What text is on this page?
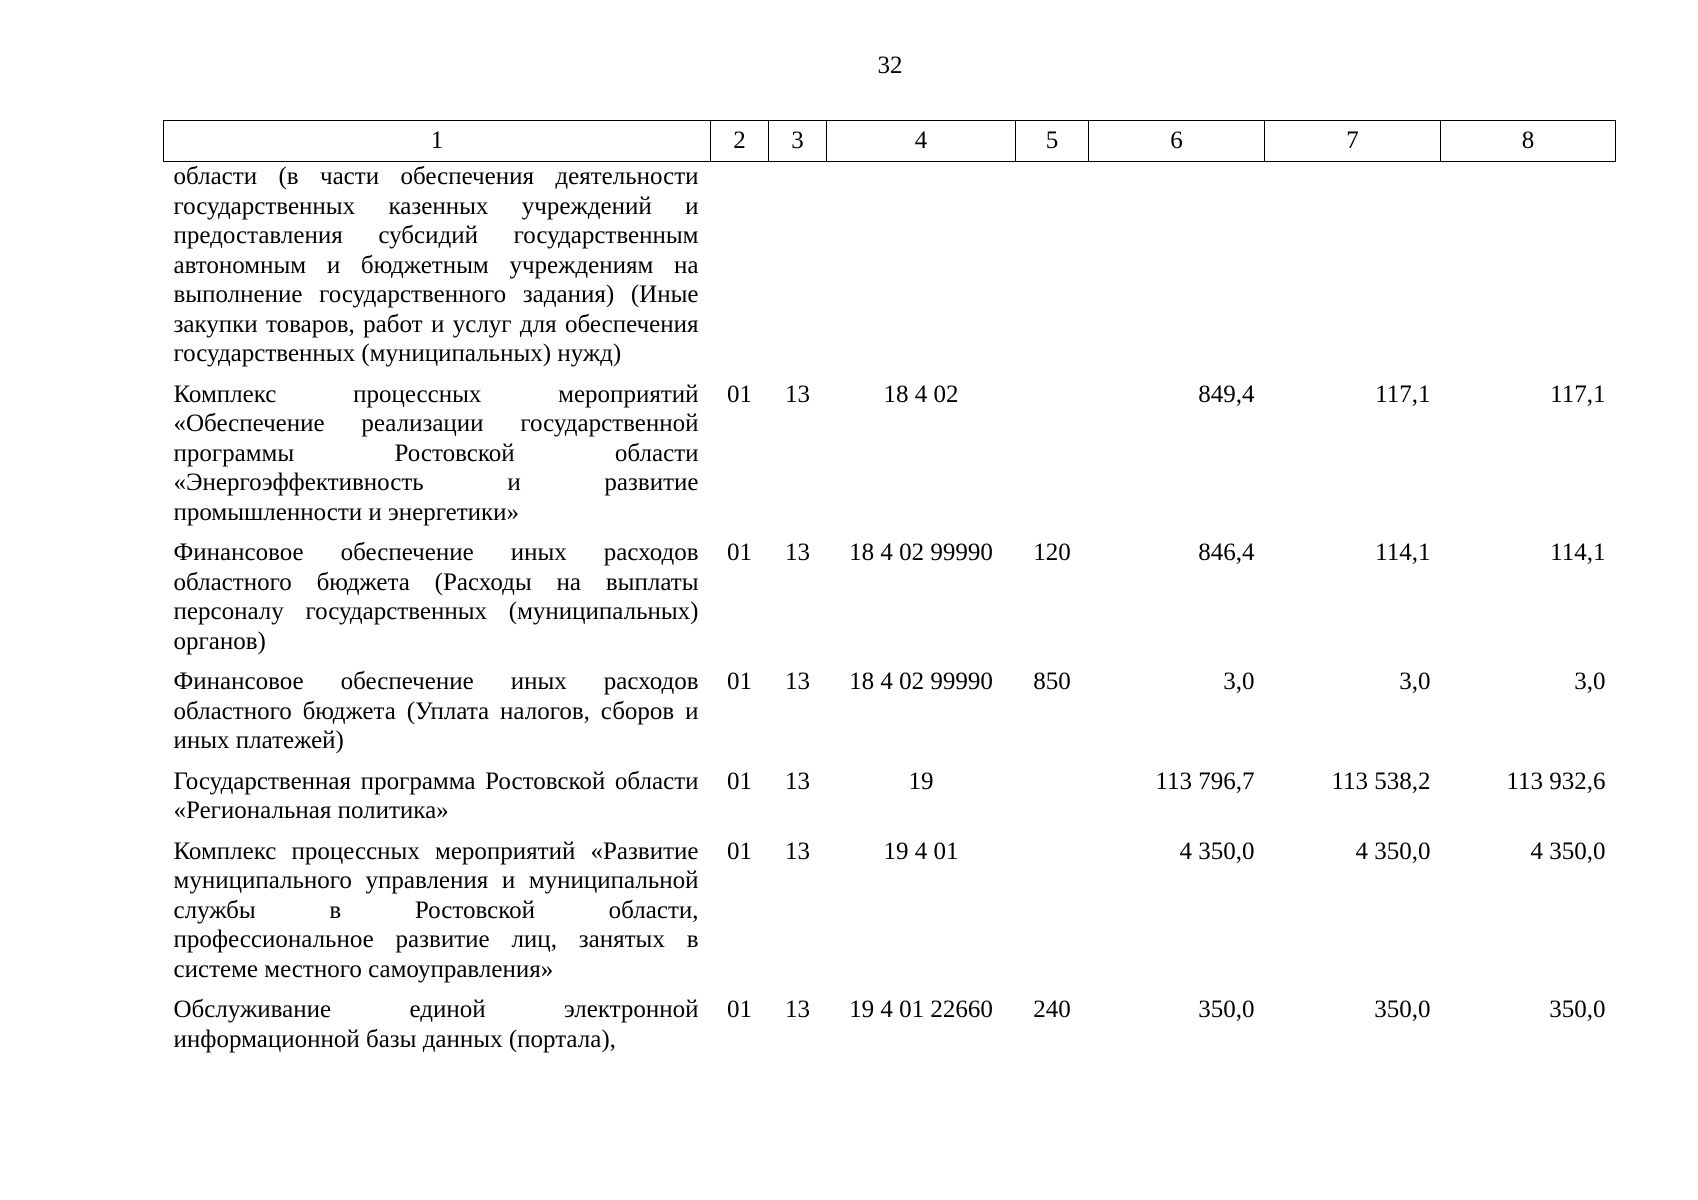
32
1	2	3	4	5	6	7	8
области (в части обеспечения деятельности государственных казенных учреждений и предоставления субсидий государственным автономным и бюджетным учреждениям на выполнение государственного задания) (Иные закупки товаров, работ и услуг для обеспечения государственных (муниципальных) нужд)							
Комплекс процессных мероприятий «Обеспечение реализации государственной программы Ростовской области «Энергоэффективность и развитие промышленности и энергетики»	01	13	18 4 02		849,4	117,1	117,1
Финансовое обеспечение иных расходов областного бюджета (Расходы на выплаты персоналу государственных (муниципальных) органов)	01	13	18 4 02 99990	120	846,4	114,1	114,1
Финансовое обеспечение иных расходов областного бюджета (Уплата налогов, сборов и иных платежей)	01	13	18 4 02 99990	850	3,0	3,0	3,0
Государственная программа Ростовской области «Региональная политика»	01	13	19		113 796,7	113 538,2	113 932,6
Комплекс процессных мероприятий «Развитие муниципального управления и муниципальной службы в Ростовской области, профессиональное развитие лиц, занятых в системе местного самоуправления»	01	13	19 4 01		4 350,0	4 350,0	4 350,0
Обслуживание единой электронной информационной базы данных (портала),	01	13	19 4 01 22660	240	350,0	350,0	350,0
